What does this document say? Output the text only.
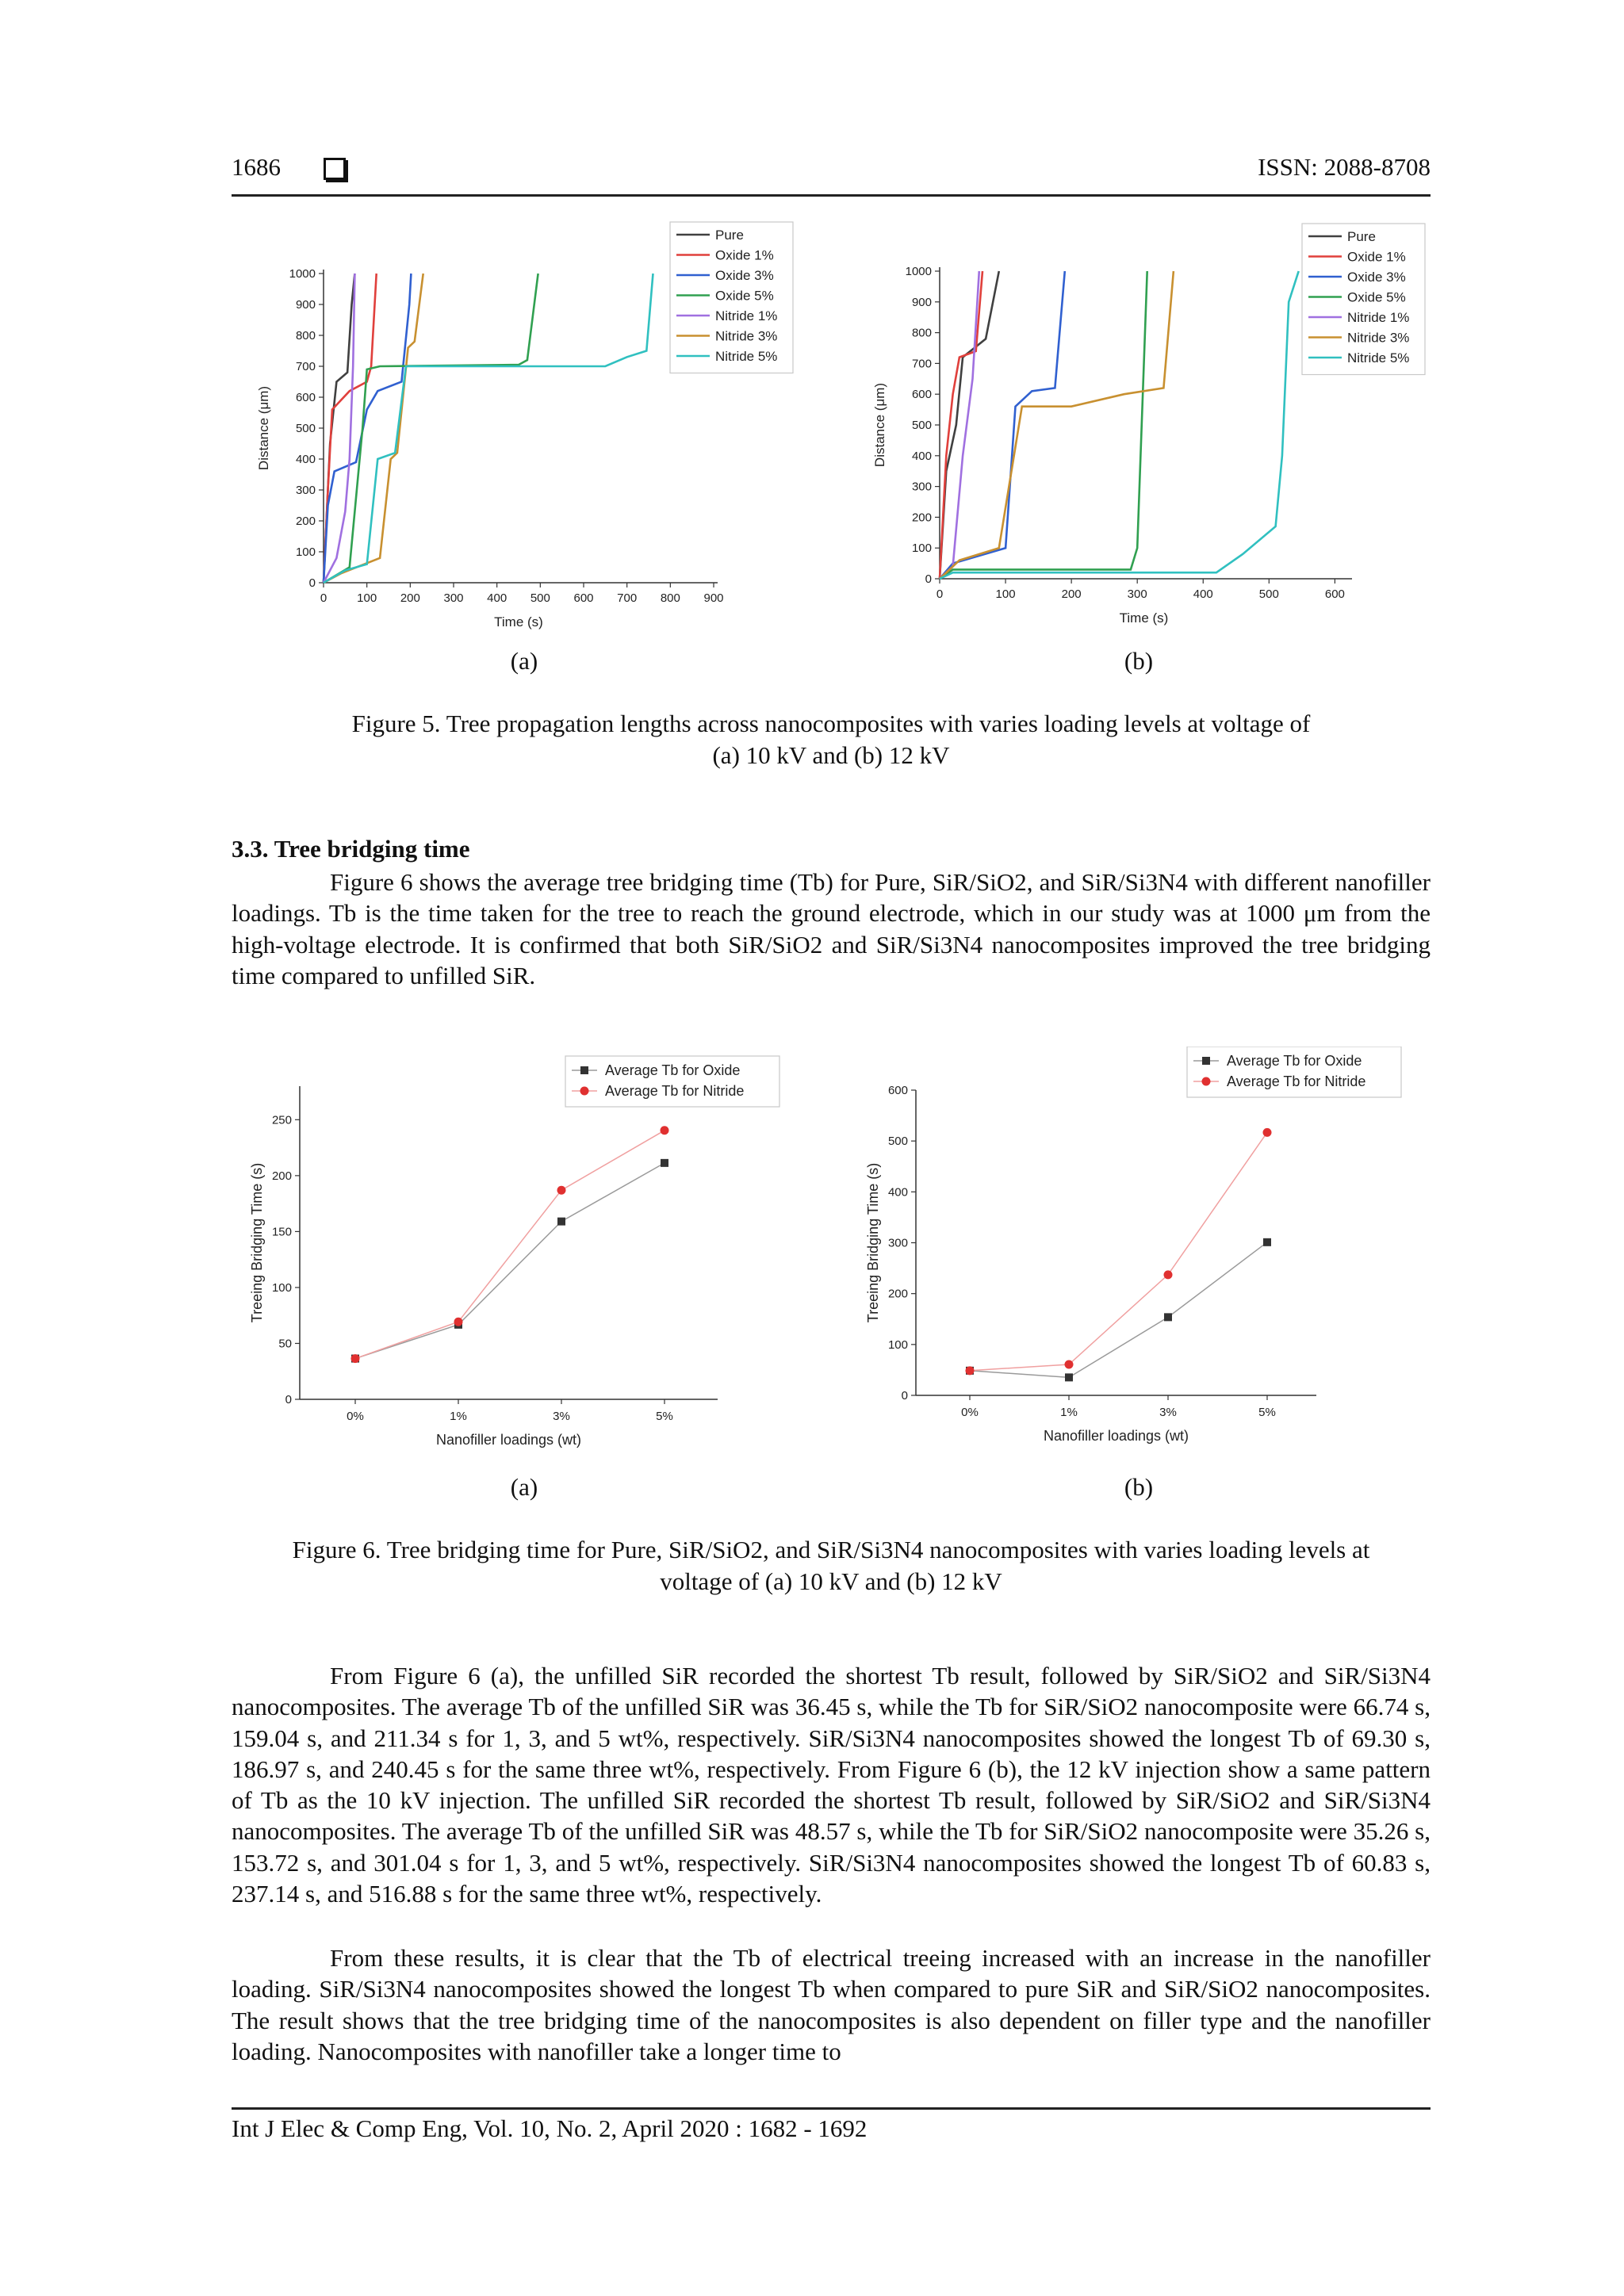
1686	ISSN: 2088-8708
0	100 200 300 400 500 600 700 800 900
0
100
200
300
400
500
600
700
800
900
1000
Time (s)
Distance (μm)
Pure
Oxide 1%
Oxide 3%
Oxide 5%
Nitride 1%
Nitride 3%
Nitride 5%
0	100	200	300	400	500	600
0
100
200
300
400
500
600
700
800
900
1000
Time (s)
Distance (μm)
Pure
Oxide 1%
Oxide 3%
Oxide 5%
Nitride 1%
Nitride 3%
Nitride 5%
(a)	(b)
Figure 5. Tree propagation lengths across nanocomposites with varies loading levels at voltage of
(a) 10 kV and (b) 12 kV
3.3. Tree bridging time

Figure 6 shows the average tree bridging time (Tb) for Pure, SiR/SiO2, and SiR/Si3N4 with different nanofiller loadings. Tb is the time taken for the tree to reach the ground electrode, which in our study was at 1000 μm from the high-voltage electrode. It is confirmed that both SiR/SiO2 and SiR/Si3N4 nanocomposites improved the tree bridging time compared to unfilled SiR.

0%	1%	3%	5%
0
50
100
150
200
250
Nanofiller loadings (wt)
Treeing Bridging Time (s)
Average Tb for Oxide
Average Tb for Nitride
0%	1%	3%	5%
0
100
200
300
400
500
600
Nanofiller loadings (wt)
Treeing Bridging Time (s)
Average Tb for Oxide
Average Tb for Nitride
(a)	(b)
Figure 6. Tree bridging time for Pure, SiR/SiO2, and SiR/Si3N4 nanocomposites with varies loading levels at
voltage of (a) 10 kV and (b) 12 kV

From Figure 6 (a), the unfilled SiR recorded the shortest Tb result, followed by SiR/SiO2 and SiR/Si3N4 nanocomposites. The average Tb of the unfilled SiR was 36.45 s, while the Tb for SiR/SiO2 nanocomposite were 66.74 s, 159.04 s, and 211.34 s for 1, 3, and 5 wt%, respectively. SiR/Si3N4 nanocomposites showed the longest Tb of 69.30 s, 186.97 s, and 240.45 s for the same three wt%, respectively. From Figure 6 (b), the 12 kV injection show a same pattern of Tb as the 10 kV injection. The unfilled SiR recorded the shortest Tb result, followed by SiR/SiO2 and SiR/Si3N4 nanocomposites. The average Tb of the unfilled SiR was 48.57 s, while the Tb for SiR/SiO2 nanocomposite were 35.26 s, 153.72 s, and 301.04 s for 1, 3, and 5 wt%, respectively. SiR/Si3N4 nanocomposites showed the longest Tb of 60.83 s, 237.14 s, and 516.88 s for the same three wt%, respectively.

From these results, it is clear that the Tb of electrical treeing increased with an increase in the nanofiller loading. SiR/Si3N4 nanocomposites showed the longest Tb when compared to pure SiR and SiR/SiO2 nanocomposites. The result shows that the tree bridging time of the nanocomposites is also dependent on filler type and the nanofiller loading. Nanocomposites with nanofiller take a longer time to

Int J Elec & Comp Eng, Vol. 10, No. 2, April 2020 : 1682 - 1692
